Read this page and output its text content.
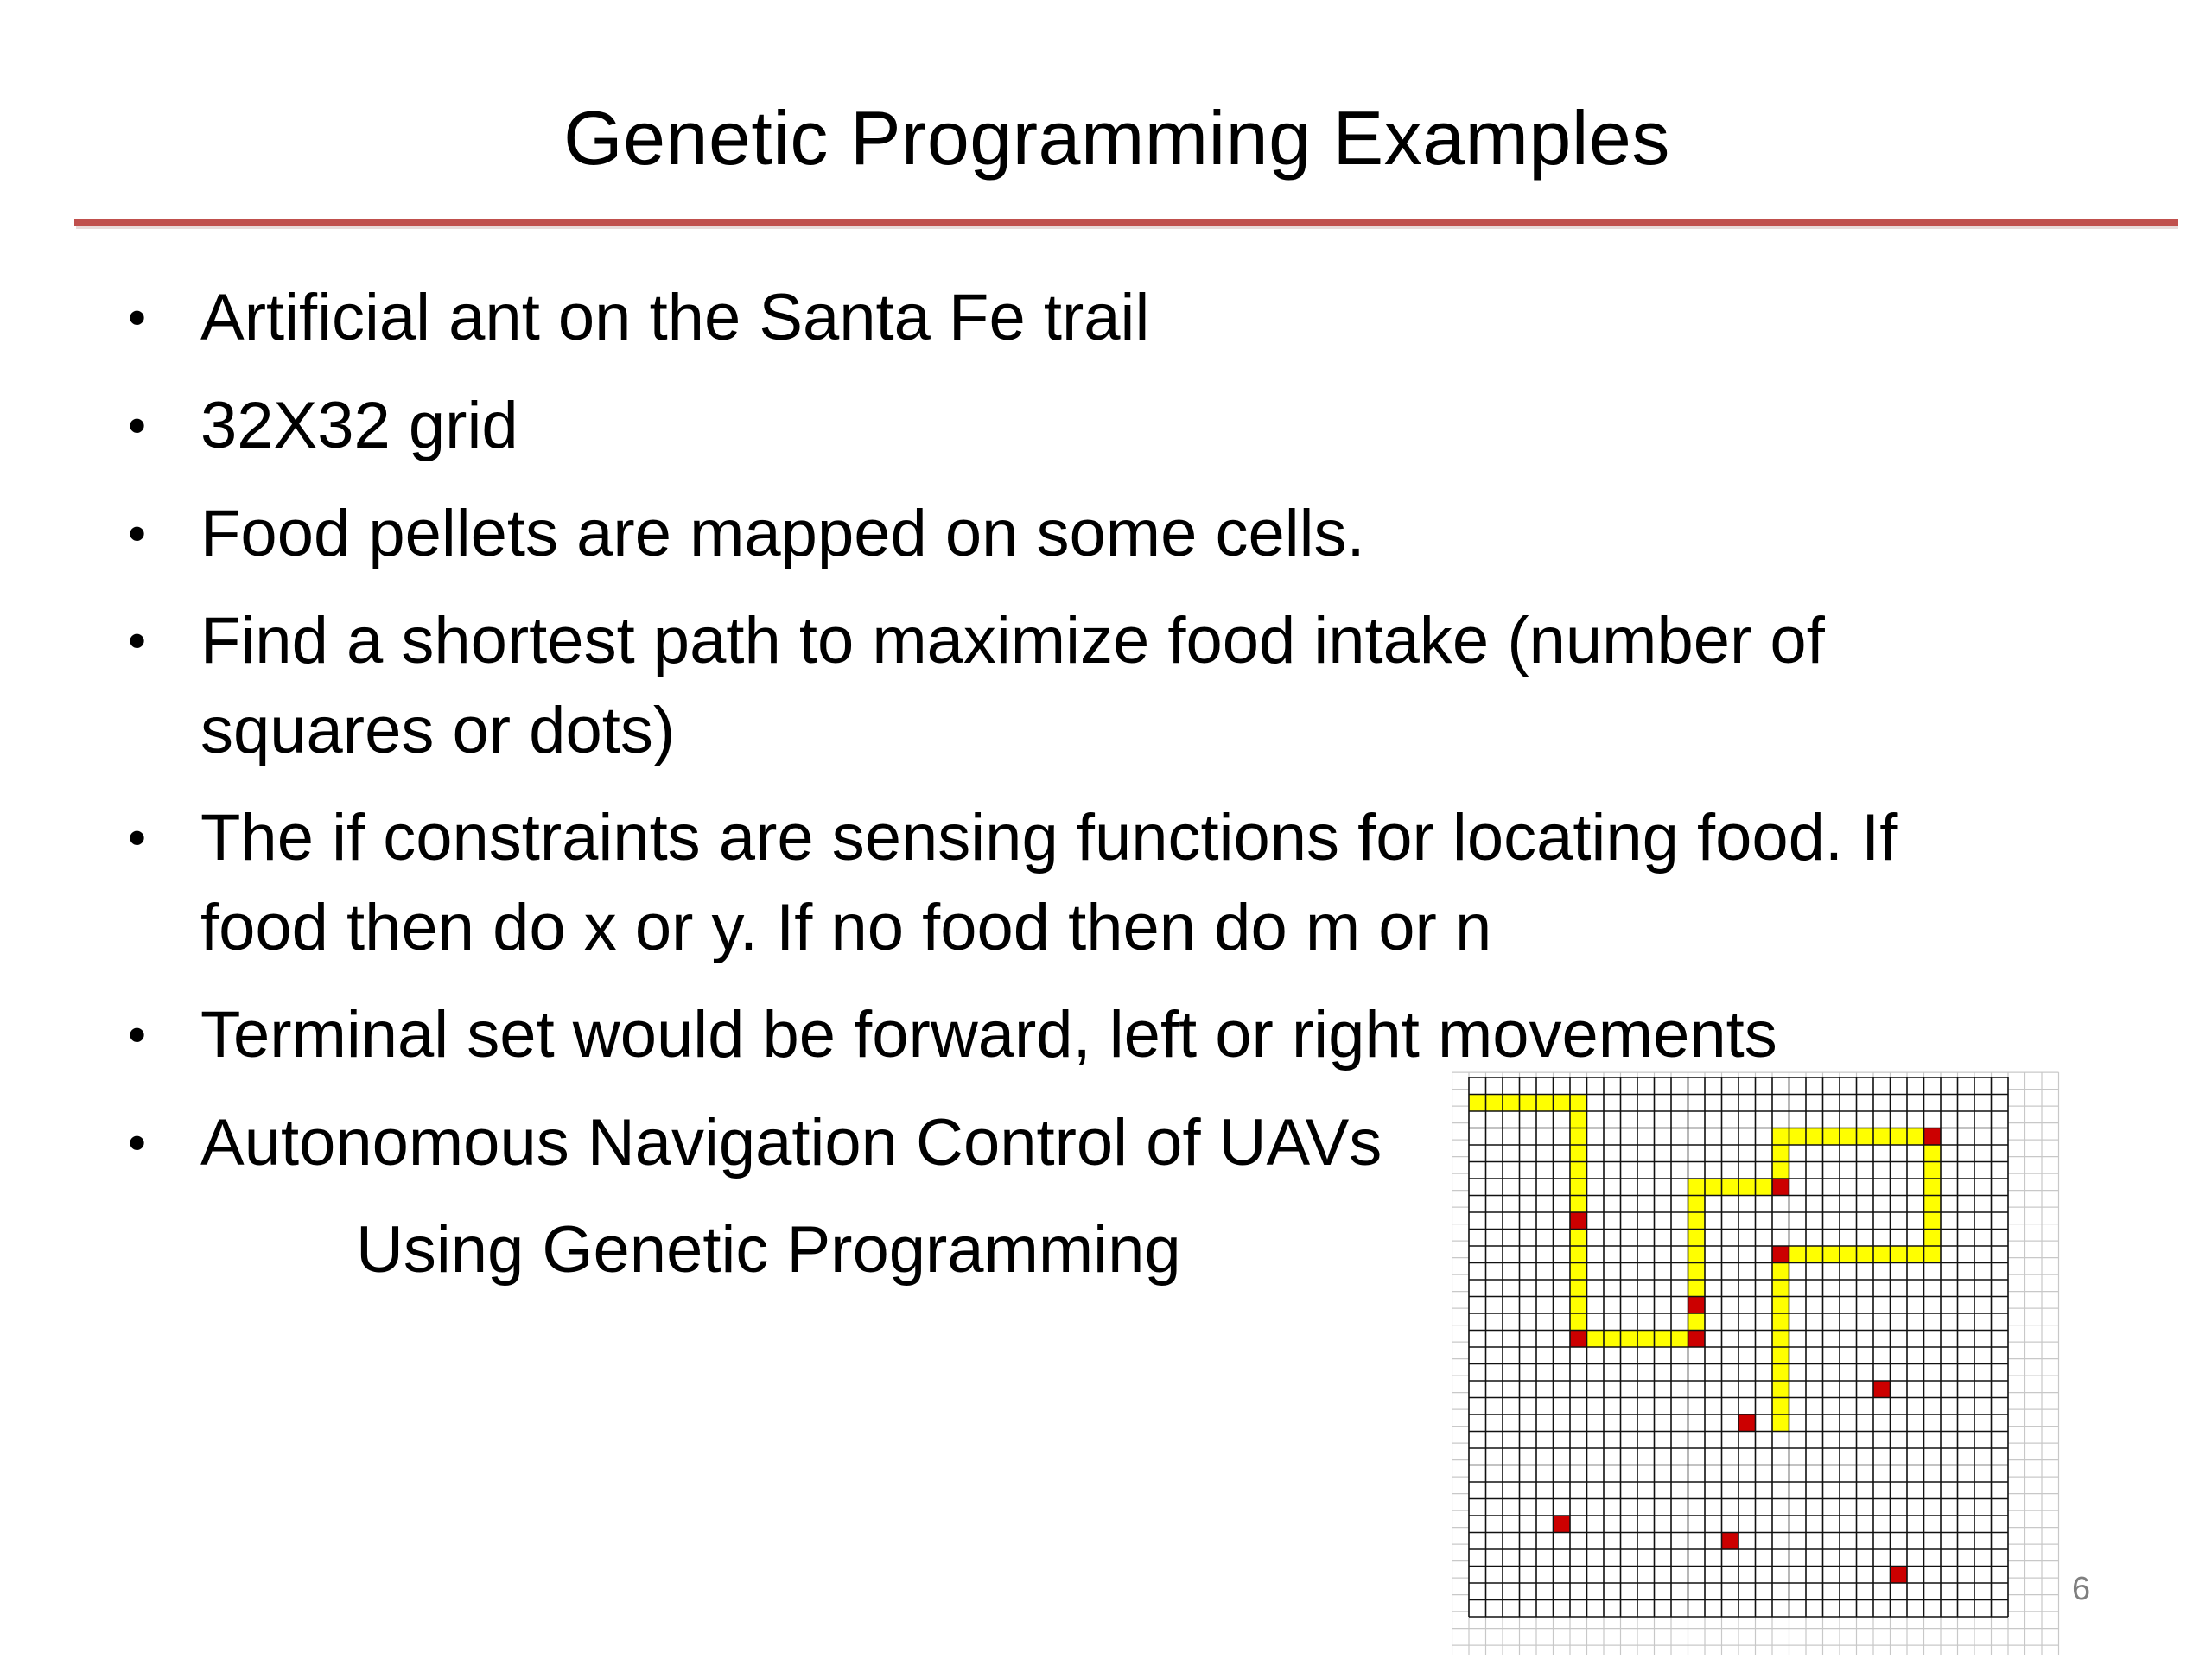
Genetic Programming Examples
• Artificial ant on the Santa Fe trail
• 32X32 grid
• Food pellets are mapped on some cells.
• Find a shortest path to maximize food intake (number of
squares or dots)
• The if constraints are sensing functions for locating food. If
food then do x or y. If no food then do m or n
• Terminal set would be forward, left or right movements
• Autonomous Navigation Control of UAVs
Using Genetic Programming
6
